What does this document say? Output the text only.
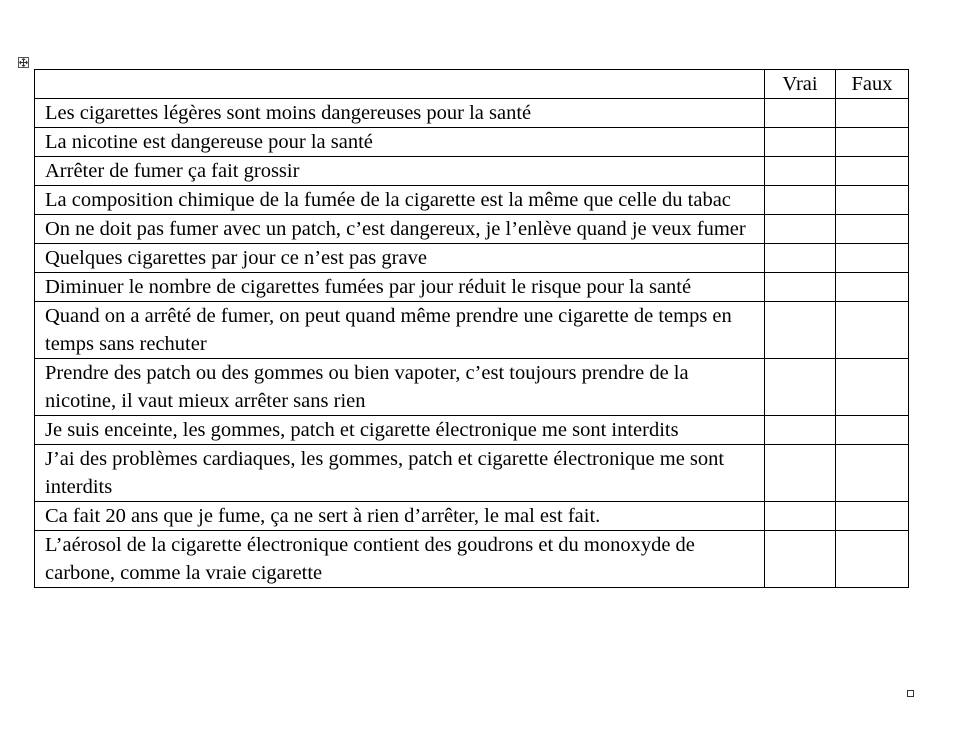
	Vrai	Faux
Les cigarettes légères sont moins dangereuses pour la santé		
La nicotine est dangereuse pour la santé		
Arrêter de fumer ça fait grossir		
La composition chimique de la fumée de la cigarette est la même que celle du tabac		
On ne doit pas fumer avec un patch, c’est dangereux, je l’enlève quand je veux fumer		
Quelques cigarettes par jour ce n’est pas grave		
Diminuer le nombre de cigarettes fumées par jour réduit le risque pour la santé		
Quand on a arrêté de fumer, on peut quand même prendre une cigarette de temps en temps sans rechuter		
Prendre des patch ou des gommes ou bien vapoter, c’est toujours prendre de la nicotine, il vaut mieux arrêter sans rien		
Je suis enceinte, les gommes, patch et cigarette électronique me sont interdits		
J’ai des problèmes cardiaques, les gommes, patch et cigarette électronique me sont interdits		
Ca fait 20 ans que je fume, ça ne sert à rien d’arrêter, le mal est fait.		
L’aérosol de la cigarette électronique contient des goudrons et du monoxyde de carbone, comme la vraie cigarette		
